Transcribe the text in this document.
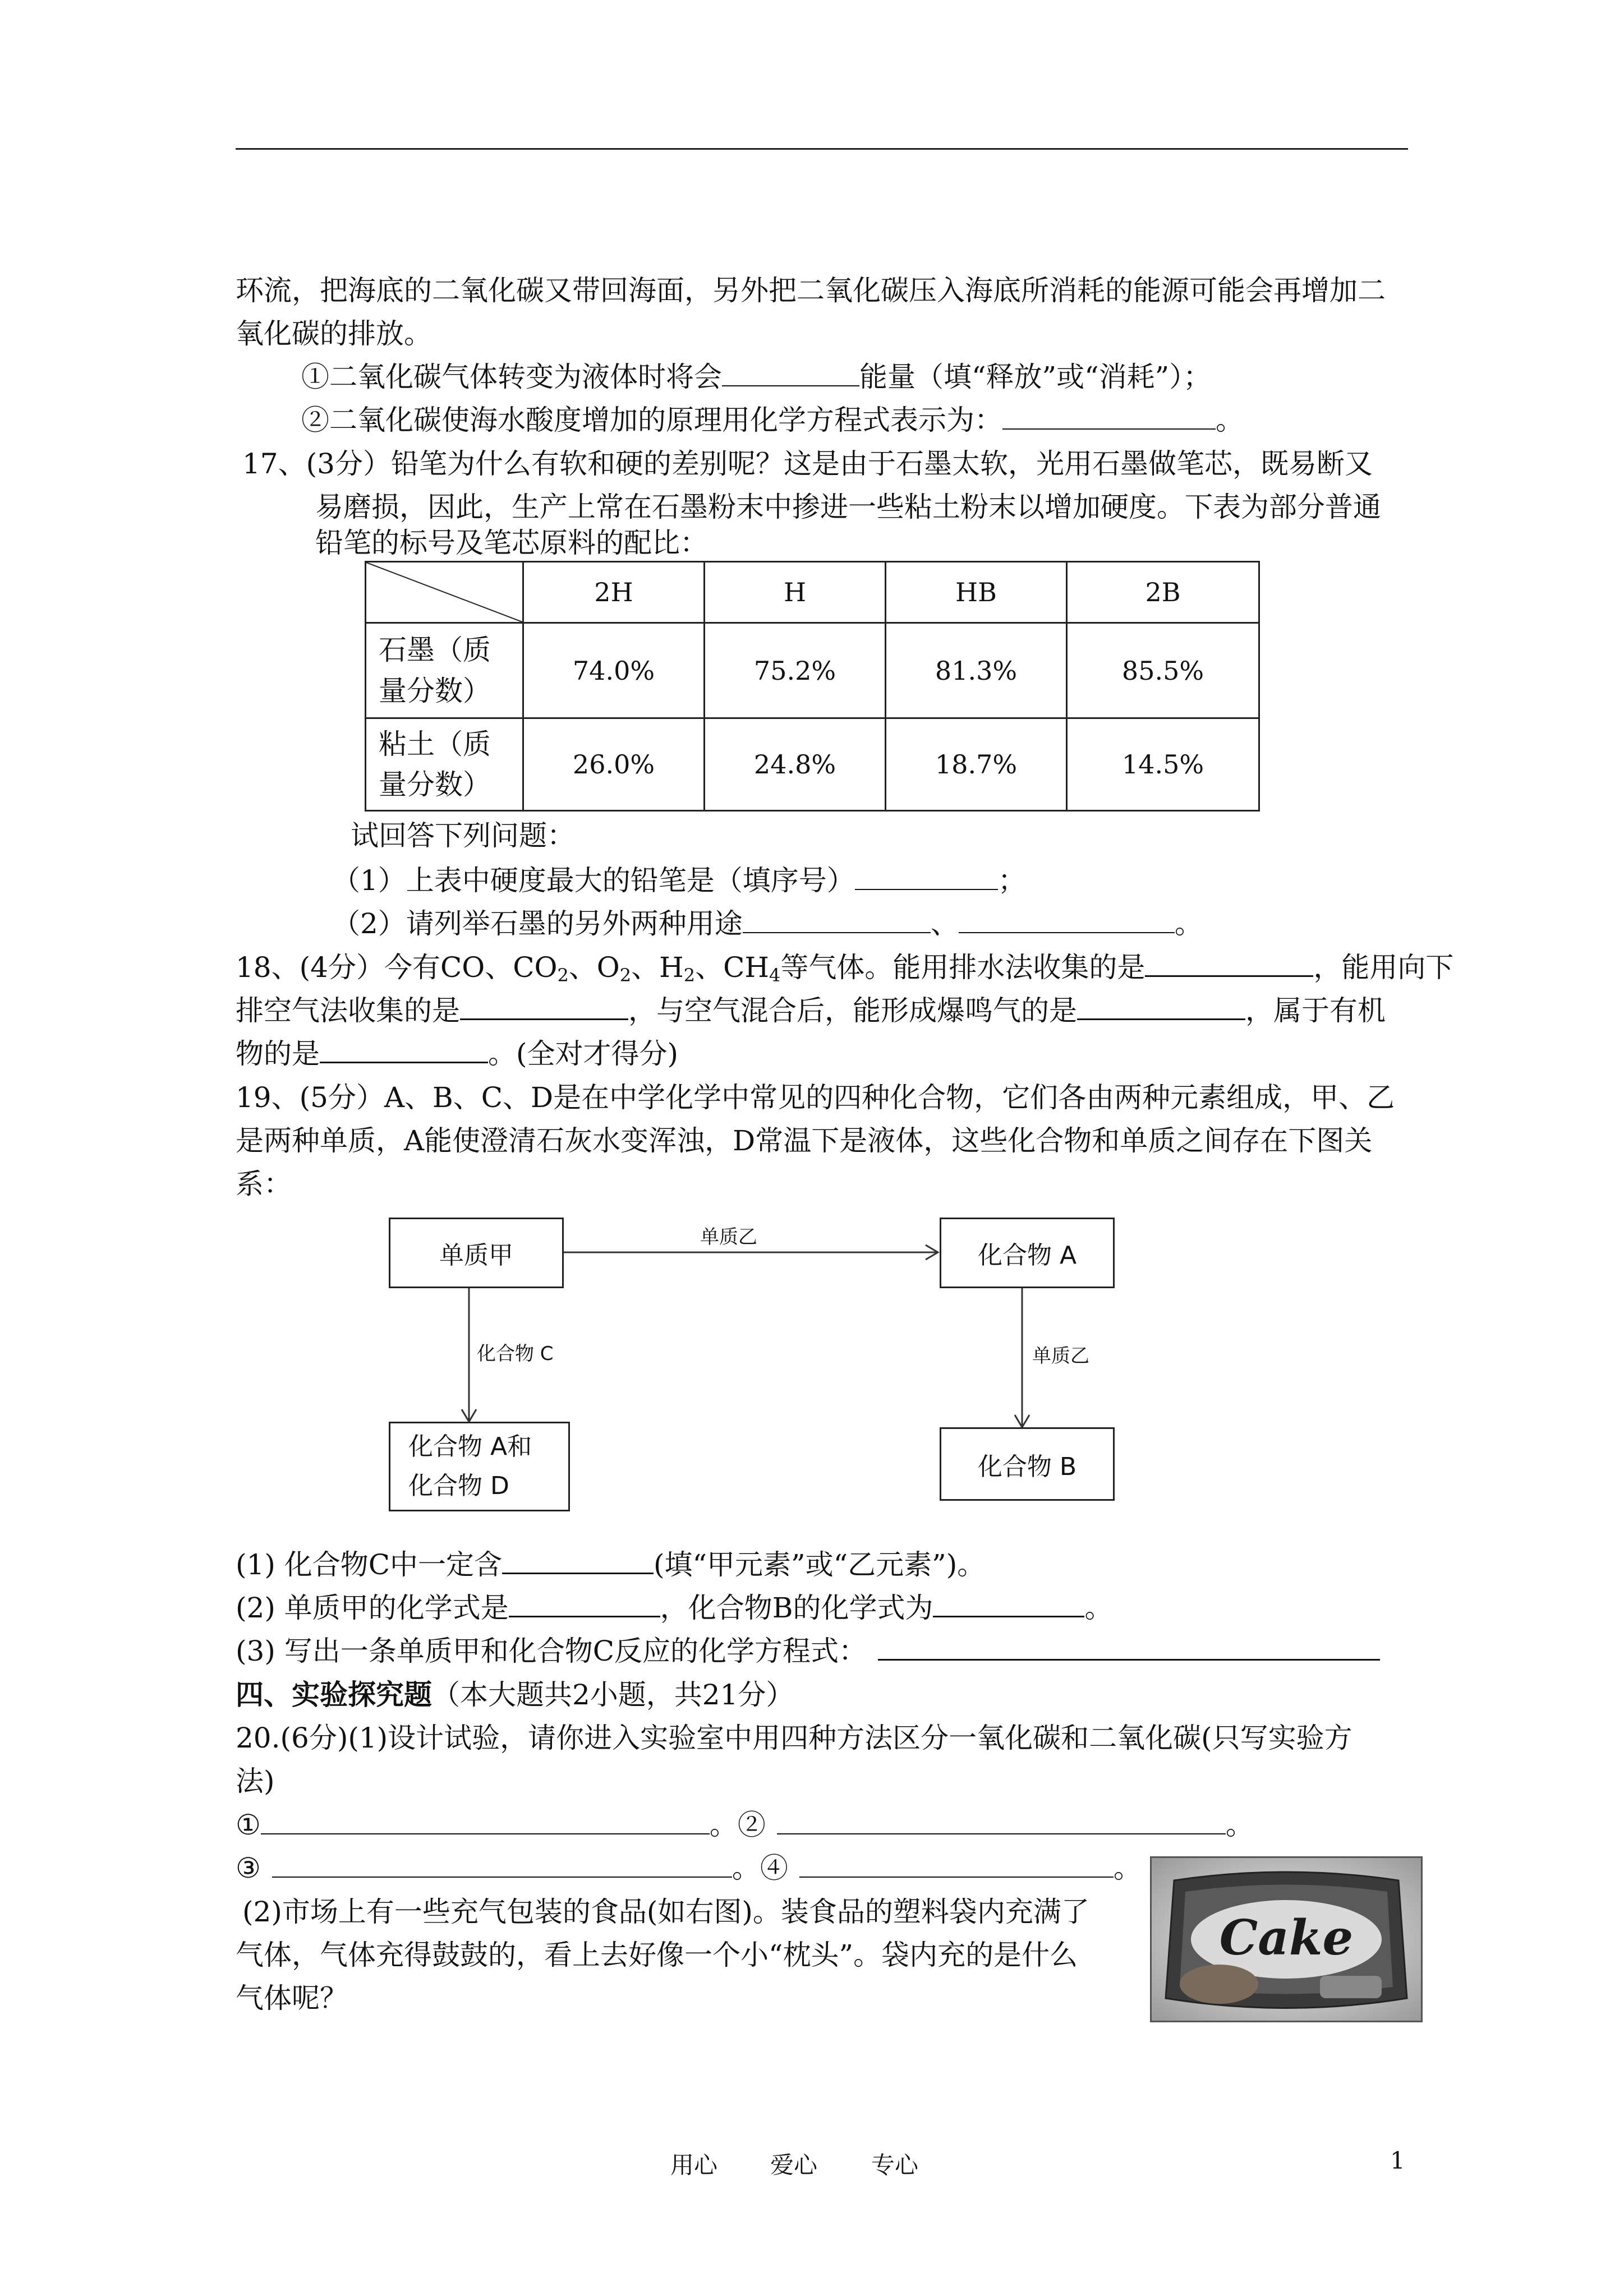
环流，把海底的二氧化碳又带回海面，另外把二氧化碳压入海底所消耗的能源可能会再增加二
氧化碳的排放。
①二氧化碳气体转变为液体时将会	能量（填“释放”或“消耗”）；
②二氧化碳使海水酸度增加的原理用化学方程式表示为：	。
17、(3分）铅笔为什么有软和硬的差别呢？这是由于石墨太软，光用石墨做笔芯，既易断又
易磨损，因此，生产上常在石墨粉末中掺进一些粘土粉末以增加硬度。下表为部分普通
铅笔的标号及笔芯原料的配比：
	2H	H	HB	2B

石墨（质
量分数）	74.0%	75.2%	81.3%	85.5%

粘土（质
量分数）	26.0%	24.8%	18.7%	14.5%
试回答下列问题：
（1）上表中硬度最大的铅笔是（填序号）	；
（2）请列举石墨的另外两种用途	、	。
18、(4分）今有CO、$CO_2$、$O_2$、$H_2$、$CH_4$等气体。能用排水法收集的是	，能用向下
排空气法收集的是	，与空气混合后，能形成爆鸣气的是	，属于有机
物的是	。(全对才得分)
19、(5分）A、B、C、D是在中学化学中常见的四种化合物，它们各由两种元素组成，甲、乙
是两种单质，A能使澄清石灰水变浑浊，D常温下是液体，这些化合物和单质之间存在下图关
系：
单质甲	化合物 A
化合物 A和
化合物 D
化合物 B
单质乙
化合物 C	单质乙
(1) 化合物C中一定含	(填“甲元素”或“乙元素”)。
(2) 单质甲的化学式是	，化合物B的化学式为	。
(3) 写出一条单质甲和化合物C反应的化学方程式：
四、实验探究题（本大题共2小题，共21分）
20.(6分)(1)设计试验，请你进入实验室中用四种方法区分一氧化碳和二氧化碳(只写实验方
法)
①	。②	。
③	。④	。
(2)市场上有一些充气包装的食品(如右图)。装食品的塑料袋内充满了
气体，气体充得鼓鼓的，看上去好像一个小“枕头”。袋内充的是什么
气体呢？
Cake
用心 爱心 专心	1
